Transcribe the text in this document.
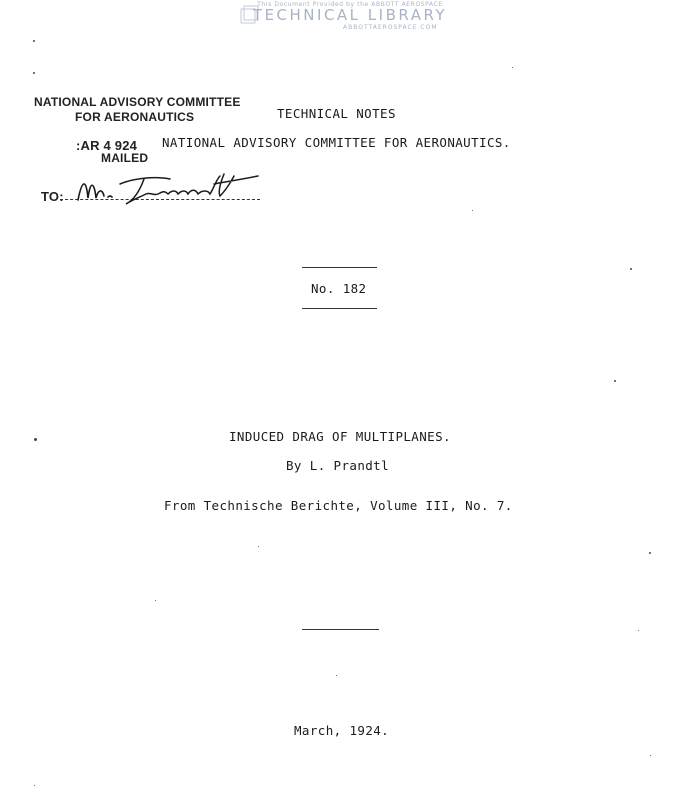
This Document Provided by the ABBOTT AEROSPACE
TECHNICAL LIBRARY
ABBOTTAEROSPACE.COM
NATIONAL ADVISORY COMMITTEE
FOR AERONAUTICS
:AR 4 924
MAILED
TO:
TECHNICAL NOTES
NATIONAL ADVISORY COMMITTEE FOR AERONAUTICS.
No. 182
INDUCED DRAG OF MULTIPLANES.
By L. Prandtl
From Technische Berichte, Volume III, No. 7.
March, 1924.
